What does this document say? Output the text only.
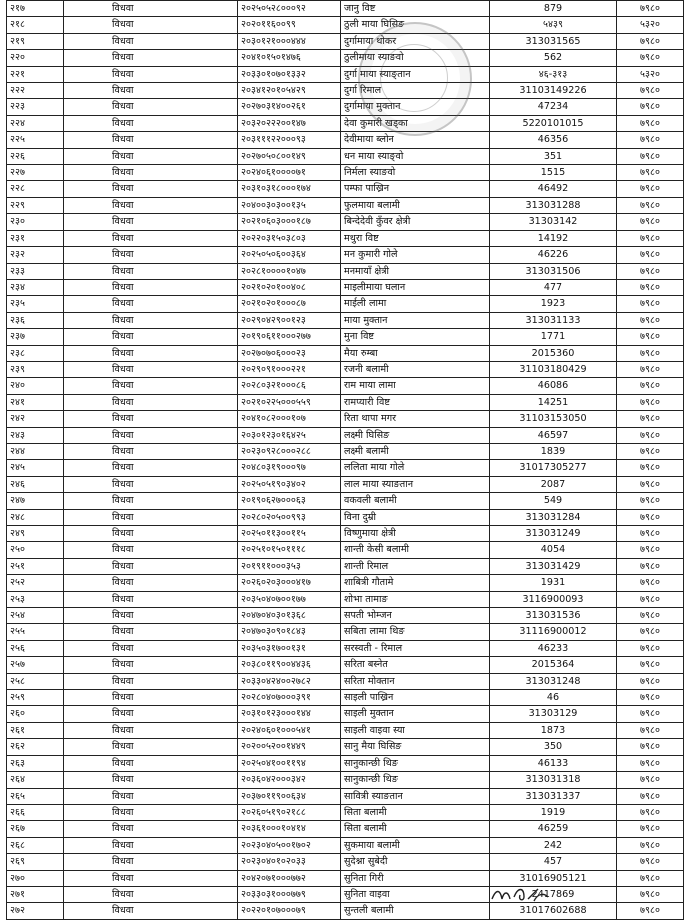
२१७	विधवा	२०२५०५२८०००९२	जानु विष्ट	879	७९८०
२१८	विधवा	२०२०११६००९९	ठुली माया घिसिङ	५४३९	५३२०
२१९	विधवा	२०३०१२१०००४४४	दुर्गामाया थोकर	313031565	७९८०
२२०	विधवा	२०४१०१५०१४७६	ठुलीमाया स्याङवो	562	७९८०
२२१	विधवा	२०३३०१०७०१३३२	दुर्गा माया स्याङ्तान	४६-३१३	५३२०
२२२	विधवा	२०३४१२०१०५४२९	दुर्गा रिमाल	31103149226	७९८०
२२३	विधवा	२०२७०३१४००२६१	दुर्गामाया मुक्तान	47234	७९८०
२२४	विधवा	२०३२०२२२००१४७	देवा कुमारी खड्का	5220101015	७९८०
२२५	विधवा	२०३१११२२०००९३	देवीमाया ब्लोन	46356	७९८०
२२६	विधवा	२०२७०५०८००१४९	धन माया स्याङ्वो	351	७९८०
२२७	विधवा	२०२४०६१००००७१	निर्मला स्याङवो	1515	७९८०
२२८	विधवा	२०३१०३१८०००१७४	पम्फा पाख्रिन	46492	७९८०
२२९	विधवा	२०४००३०३००१३५	फुलमाया बलामी	313031288	७९८०
२३०	विधवा	२०२१०६०३०००१८७	बिन्देदेवी कुँवर क्षेत्री	31303142	७९८०
२३१	विधवा	२०२२०३१५०३८०३	मथुरा विष्ट	14192	७९८०
२३२	विधवा	२०२५०५०६००३६४	मन कुमारी गोले	46226	७९८०
२३३	विधवा	२०२८१००००१०४७	मनमायाँ क्षेत्री	313031506	७९८०
२३४	विधवा	२०२१०२०१००४०८	माइलीमाया घलान	477	७९८०
२३५	विधवा	२०२१०२०१०००८७	माईली लामा	1923	७९८०
२३६	विधवा	२०२९०४२९००१२३	माया मुक्तान	313031133	७९८०
२३७	विधवा	२०१९०६११०००२७७	मुना विष्ट	1771	७९८०
२३८	विधवा	२०२७०७०६०००२३	मैया रुम्बा	2015360	७९८०
२३९	विधवा	२०२९०९१०००२२१	रजनी बलामी	31103180429	७९८०
२४०	विधवा	२०२८०३२१०००८६	राम माया लामा	46086	७९८०
२४१	विधवा	२०२१०२२५०००५५९	रामप्यारी विष्ट	14251	७९८०
२४२	विधवा	२०४१०८२०००१०७	रिता थापा मगर	31103153050	७९८०
२४३	विधवा	२०३०१२३०१६४२५	लक्ष्मी घिसिङ	46597	७९८०
२४४	विधवा	२०२३०९२८०००२८८	लक्ष्मी बलामी	1839	७९८०
२४५	विधवा	२०४८०३१९०००९७	ललिता माया गोले	31017305277	७९८०
२४६	विधवा	२०२५०५१९०३४०२	लाल माया स्याङतान	2087	७९८०
२४७	विधवा	२०१९०६२७०००६३	वकवली बलामी	549	७९८०
२४८	विधवा	२०२८०२०५००९९३	विना दुम्री	313031284	७९८०
२४९	विधवा	२०२५०११३००११५	विष्णुमाया क्षेत्री	313031249	७९८०
२५०	विधवा	२०२५१०१५०१११८	शान्ती केसी बलामी	4054	७९८०
२५१	विधवा	२०१९११०००३५३	शान्ती रिमाल	313031429	७९८०
२५२	विधवा	२०२६०२०३०००४१७	शाबित्री गौतामे	1931	७९८०
२५३	विधवा	२०३५०४०७००१७७	शोभा तामाङ	3116900093	७९८०
२५४	विधवा	२०४७०४०३०१३६८	सपती भोम्जन	313031536	७९८०
२५५	विधवा	२०४७०३०९०१८४३	सबिता लामा थिङ	31116900012	७९८०
२५६	विधवा	२०३५०३१७००१३१	सरस्वती - रिमाल	46233	७९८०
२५७	विधवा	२०३८०११९००४४३६	सरिता बस्नेत	2015364	७९८०
२५८	विधवा	२०३३०४२४००२७८२	सरिता मोक्तान	313031248	७९८०
२५९	विधवा	२०२८०४०७०००३९१	साइली पाख्रिन	46	७९८०
२६०	विधवा	२०३१०१२३०००१४४	साइली मुक्तान	31303129	७९८०
२६१	विधवा	२०२४०६०१०००५४१	साइली वाइवा स्या	1873	७९८०
२६२	विधवा	२०२००५२००१४४९	सानु मैया घिसिङ	350	७९८०
२६३	विधवा	२०२५०४१००११९४	सानुकान्छी थिङ	46133	७९८०
२६४	विधवा	२०३६०४२०००३४२	सानुकान्छी थिङ	313031318	७९८०
२६५	विधवा	२०३७०११९००६३४	सावित्री स्याङतान	313031337	७९८०
२६६	विधवा	२०२६०५१९०२१८८	सिता बलामी	1919	७९८०
२६७	विधवा	२०३६१०००१०४१४	सिता बलामी	46259	७९८०
२६८	विधवा	२०२३०४०५००१७०२	सुकमाया बलामी	242	७९८०
२६९	विधवा	२०२३०४०१०२०३३	सुदेश्ना सुबेदी	457	७९८०
२७०	विधवा	२०४२०७१०००७७२	सुनिता गिरी	31016905121	७९८०
२७१	विधवा	२०३३०३१०००७७९	सुनिता वाइवा	2417869	७९८०
२७२	विधवा	२०२२०१०७०००७९	सुन्तली बलामी	31017602688	७९८०
